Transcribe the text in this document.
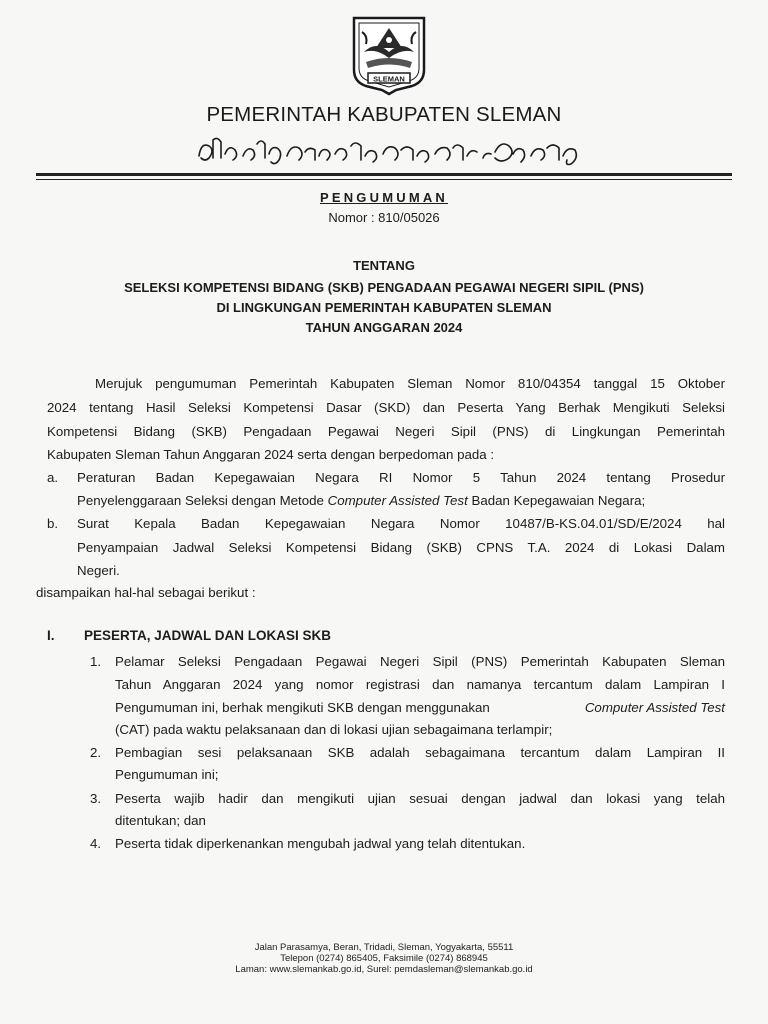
SLEMAN
PEMERINTAH KABUPATEN SLEMAN
PENGUMUMAN
Nomor : 810/05026
TENTANG
SELEKSI KOMPETENSI BIDANG (SKB) PENGADAAN PEGAWAI NEGERI SIPIL (PNS)
DI LINGKUNGAN PEMERINTAH KABUPATEN SLEMAN
TAHUN ANGGARAN 2024
Merujuk pengumuman Pemerintah Kabupaten Sleman Nomor 810/04354 tanggal 15 Oktober
2024 tentang Hasil Seleksi Kompetensi Dasar (SKD) dan Peserta Yang Berhak Mengikuti Seleksi
Kompetensi Bidang (SKB) Pengadaan Pegawai Negeri Sipil (PNS) di Lingkungan Pemerintah
Kabupaten Sleman Tahun Anggaran 2024 serta dengan berpedoman pada :
a. Peraturan Badan Kepegawaian Negara RI Nomor 5 Tahun 2024 tentang Prosedur
Penyelenggaraan Seleksi dengan Metode Computer Assisted Test Badan Kepegawaian Negara;
b. Surat Kepala Badan Kepegawaian Negara Nomor 10487/B-KS.04.01/SD/E/2024 hal
Penyampaian Jadwal Seleksi Kompetensi Bidang (SKB) CPNS T.A. 2024 di Lokasi Dalam
Negeri.
disampaikan hal-hal sebagai berikut :
I. PESERTA, JADWAL DAN LOKASI SKB
1. Pelamar Seleksi Pengadaan Pegawai Negeri Sipil (PNS) Pemerintah Kabupaten Sleman
Tahun Anggaran 2024 yang nomor registrasi dan namanya tercantum dalam Lampiran I
Pengumuman ini, berhak mengikuti SKB dengan menggunakan	Computer Assisted Test
(CAT) pada waktu pelaksanaan dan di lokasi ujian sebagaimana terlampir;
2. Pembagian sesi pelaksanaan SKB adalah sebagaimana tercantum dalam Lampiran II
Pengumuman ini;
3. Peserta wajib hadir dan mengikuti ujian sesuai dengan jadwal dan lokasi yang telah
ditentukan; dan
4. Peserta tidak diperkenankan mengubah jadwal yang telah ditentukan.
Jalan Parasamya, Beran, Tridadi, Sleman, Yogyakarta, 55511
Telepon (0274) 865405, Faksimile (0274) 868945
Laman: www.slemankab.go.id, Surel: pemdasleman@slemankab.go.id
